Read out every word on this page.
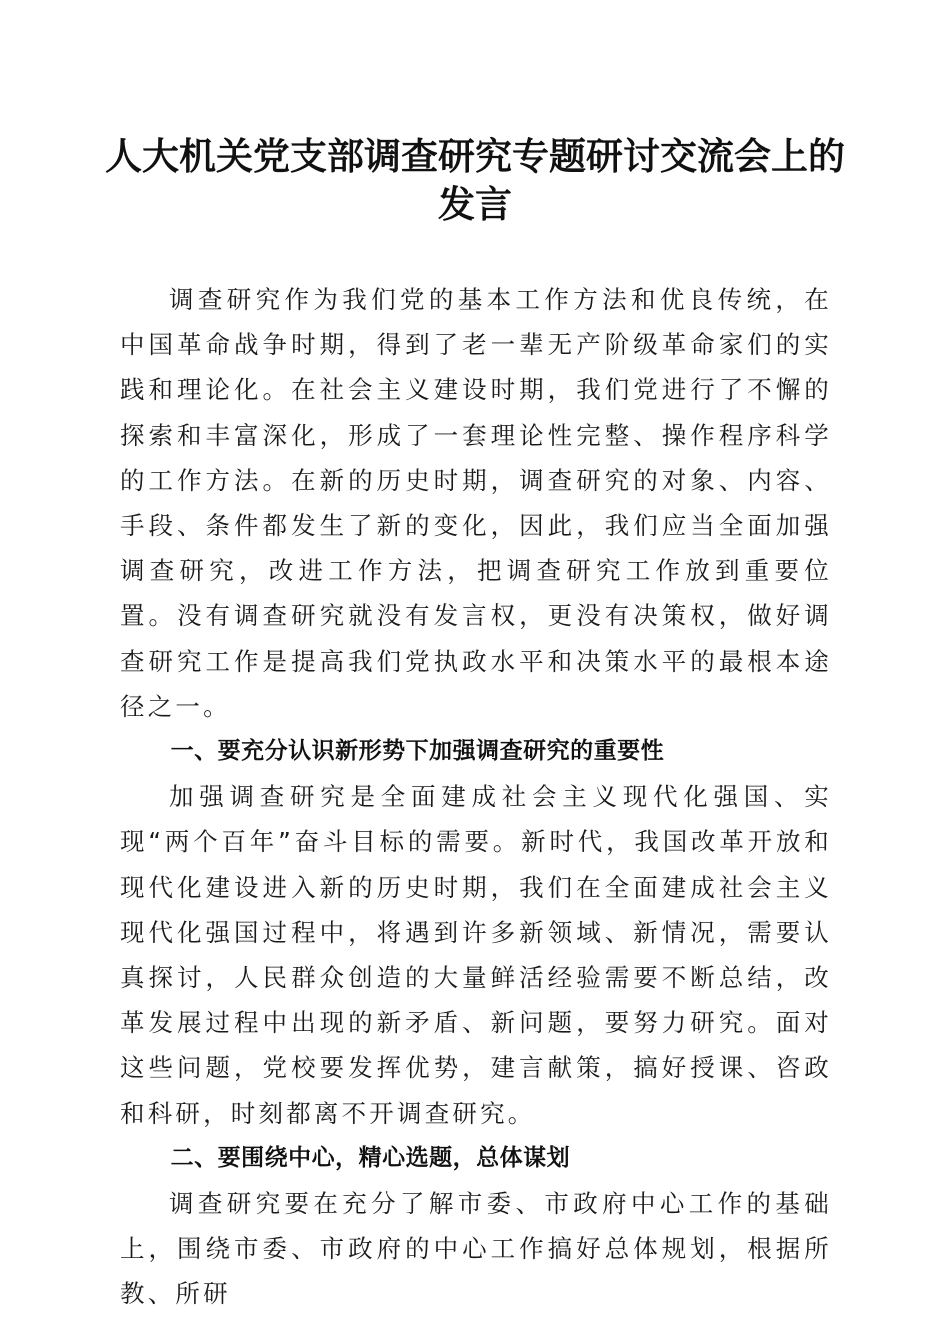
人大机关党支部调查研究专题研讨交流会上的发言

调查研究作为我们党的基本工作方法和优良传统，在中国革命战争时期，得到了老一辈无产阶级革命家们的实践和理论化。在社会主义建设时期，我们党进行了不懈的探索和丰富深化，形成了一套理论性完整、操作程序科学的工作方法。在新的历史时期，调查研究的对象、内容、手段、条件都发生了新的变化，因此，我们应当全面加强调查研究，改进工作方法，把调查研究工作放到重要位置。没有调查研究就没有发言权，更没有决策权，做好调查研究工作是提高我们党执政水平和决策水平的最根本途径之一。

一、要充分认识新形势下加强调查研究的重要性

加强调查研究是全面建成社会主义现代化强国、实现“两个百年”奋斗目标的需要。新时代，我国改革开放和现代化建设进入新的历史时期，我们在全面建成社会主义现代化强国过程中，将遇到许多新领域、新情况，需要认真探讨，人民群众创造的大量鲜活经验需要不断总结，改革发展过程中出现的新矛盾、新问题，要努力研究。面对这些问题，党校要发挥优势，建言献策，搞好授课、咨政和科研，时刻都离不开调查研究。

二、要围绕中心，精心选题，总体谋划

调查研究要在充分了解市委、市政府中心工作的基础上，围绕市委、市政府的中心工作搞好总体规划，根据所教、所研
